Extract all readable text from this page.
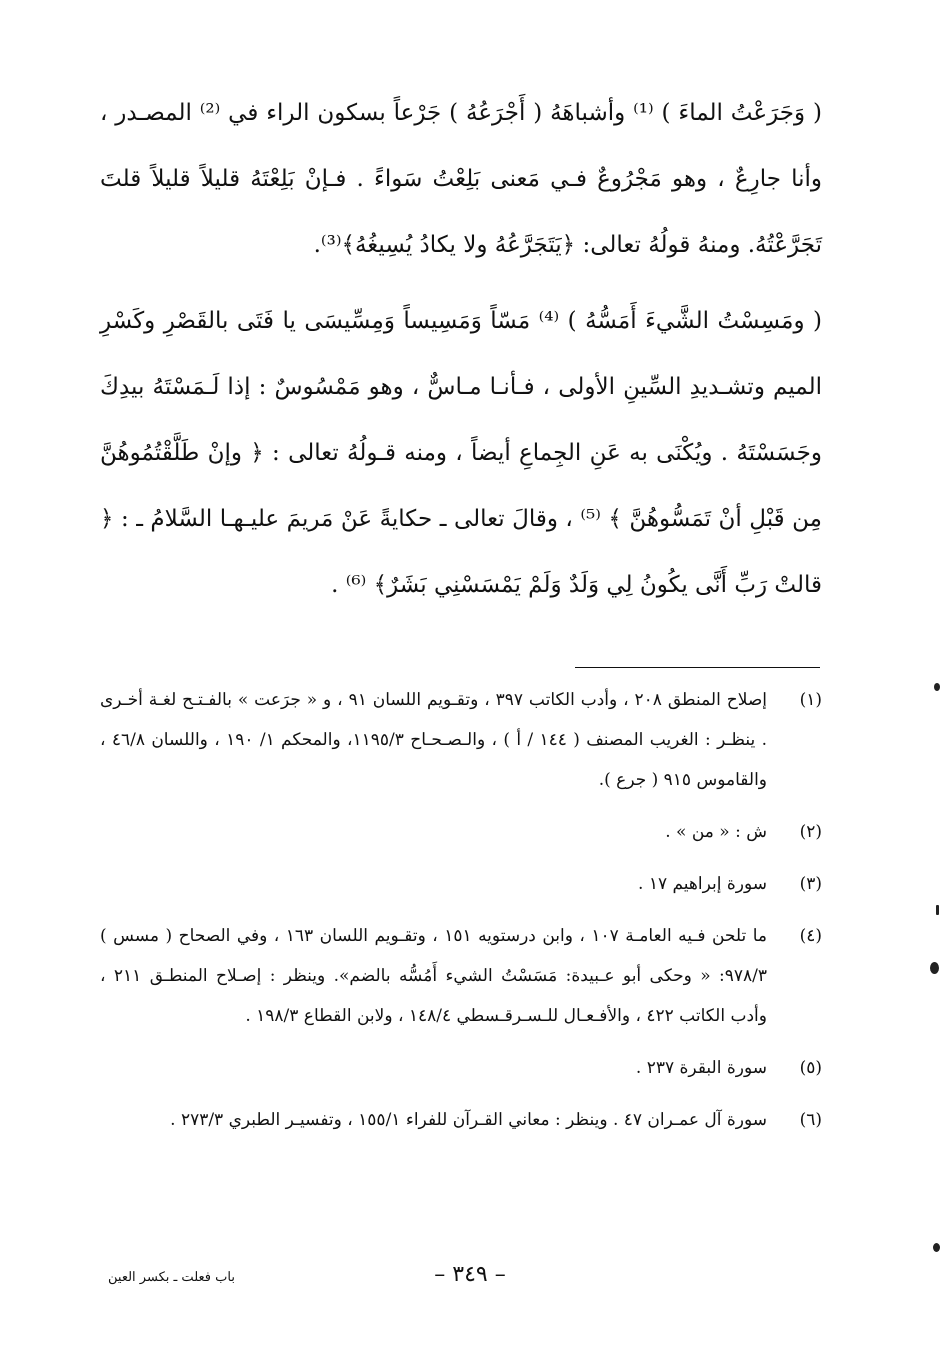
( وَجَرَعْتُ الماءَ ) ⁽¹⁾ وأشباهَهُ ( أَجْرَعُهُ ) جَرْعاً بسكون الراء في ⁽²⁾ المصـدر ، وأنا جارِعٌ ، وهو مَجْرُوعٌ فـي مَعنى بَلِعْتُ سَواءً . فـإنْ بَلِعْتَهُ قليلاً قليلاً قلتَ تَجَرَّعْتُهُ. ومنهُ قولُهُ تعالى: ﴿يَتَجَرَّعُهُ ولا يكادُ يُسِيغُهُ﴾⁽³⁾.

( ومَسِسْتُ الشَّيءَ أَمَسُّهُ ) ⁽⁴⁾ مَسّاً وَمَسِيساً وَمِسِّيسَى يا فَتَى بالقَصْرِ وكَسْرِ الميم وتشـديدِ السِّينِ الأولى ، فـأنـا مـاسٌّ ، وهو مَمْسُوسٌ : إذا لَـمَسْتَهُ بيدِكَ وجَسَسْتَهُ . ويُكْنَى به عَنِ الجِماعِ أيضاً ، ومنه قـولُهُ تعالى : ﴿ وإنْ طَلَّقْتُمُوهُنَّ مِن قَبْلِ أنْ تَمَسُّوهُنَّ ﴾ ⁽⁵⁾ ، وقالَ تعالى ـ حكايةً عَنْ مَريمَ عليـهـا السَّلامُ ـ : ﴿ قالتْ رَبِّ أَنَّى يكُونُ لِي وَلَدٌ وَلَمْ يَمْسَسْنِي بَشَرٌ﴾ ⁽⁶⁾ .

(١)
إصلاح المنطق ٢٠٨ ، وأدب الكاتب ٣٩٧ ، وتقـويم اللسان ٩١ ، و « جرَعت » بالفـتـح لغـة أخـرى . ينظـر : الغريب المصنف ( ١٤٤ / أ ) ، والـصـحـاح ١١٩٥/٣، والمحكم ١/ ١٩٠ ، واللسان ٤٦/٨ ، والقاموس ٩١٥ ( جرع ).
(٢)
ش : « من » .
(٣)
سورة إبراهيم ١٧ .
(٤)
ما تلحن فـيه العامـة ١٠٧ ، وابن درستويه ١٥١ ، وتقـويم اللسان ١٦٣ ، وفي الصحاح ( مسس ) ٩٧٨/٣: « وحكى أبو عـبيدة: مَسَسْتُ الشيء أَمُسُّه بالضم». وينظر : إصـلاح المنطـق ٢١١ ، وأدب الكاتب ٤٢٢ ، والأفـعـال للـسـرقـسطي ١٤٨/٤ ، ولابن القطاع ١٩٨/٣ .
(٥)
سورة البقرة ٢٣٧ .
(٦)
سورة آل عمـران ٤٧ . وينظر : معاني القـرآن للفراء ١٥٥/١ ، وتفسيـر الطبري ٢٧٣/٣ .
باب فعلت ـ بكسر العين	– ٣٤٩ –
